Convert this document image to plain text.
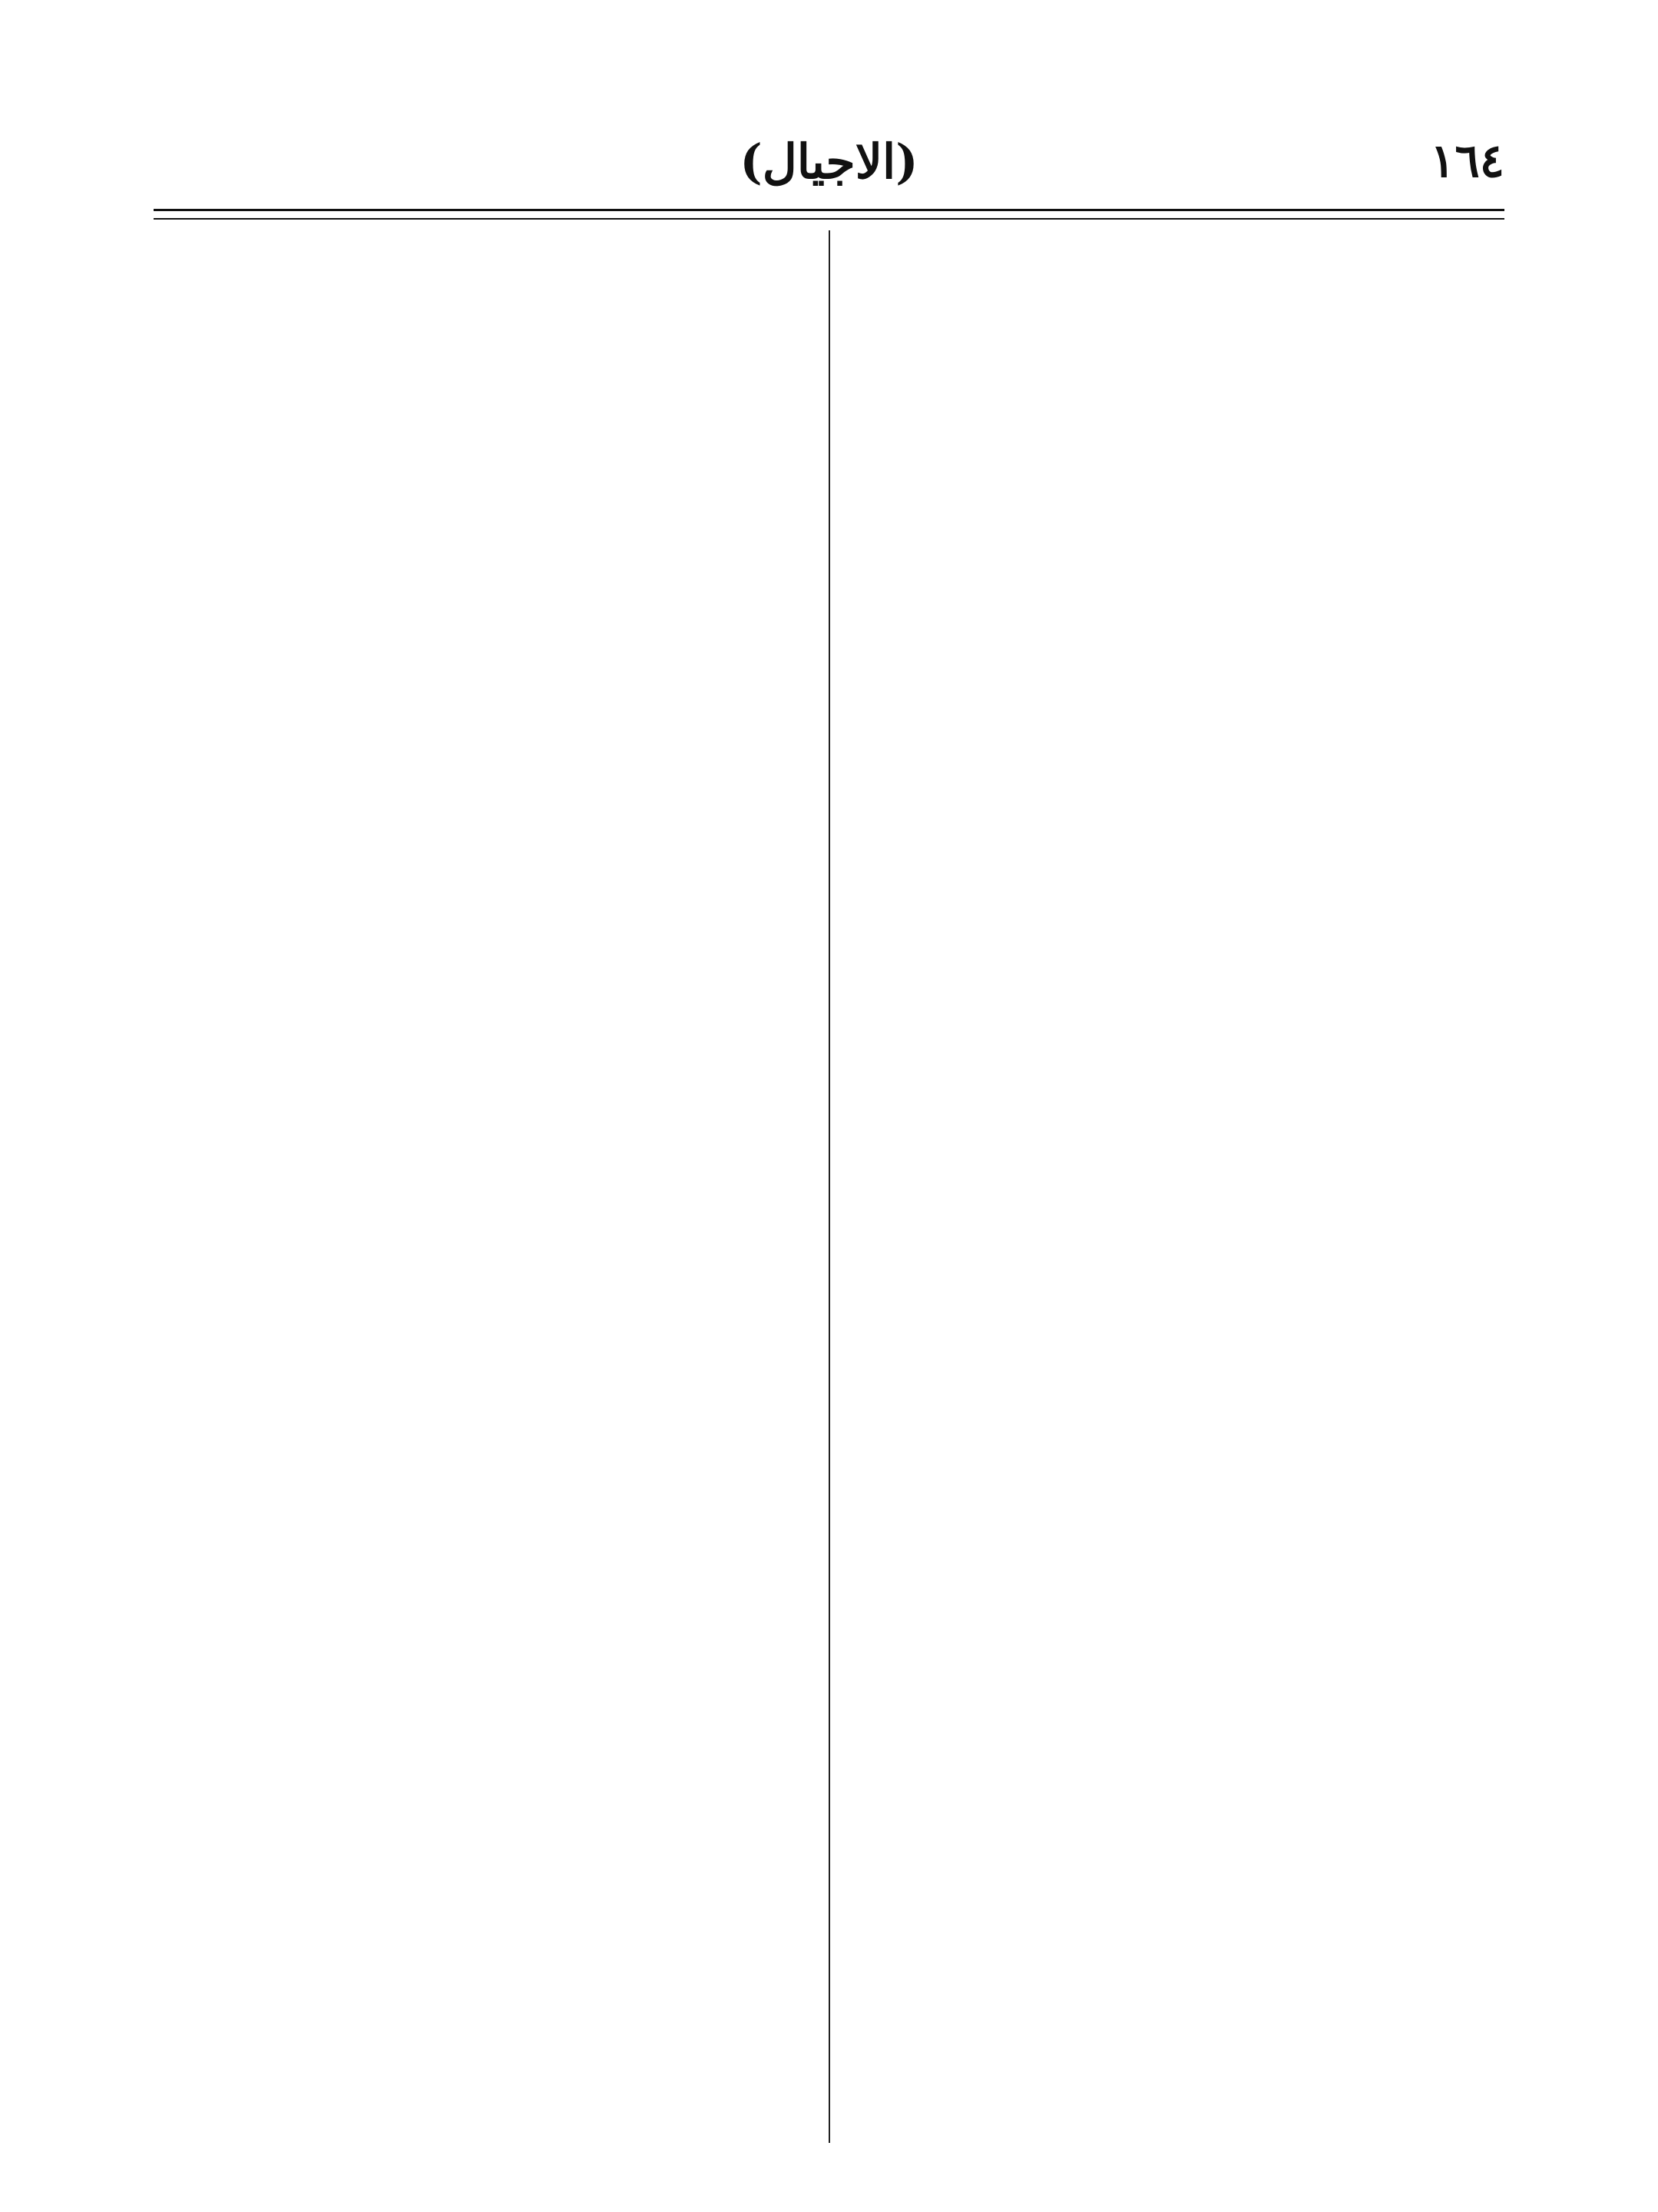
١٦٤
(الاجيال)
